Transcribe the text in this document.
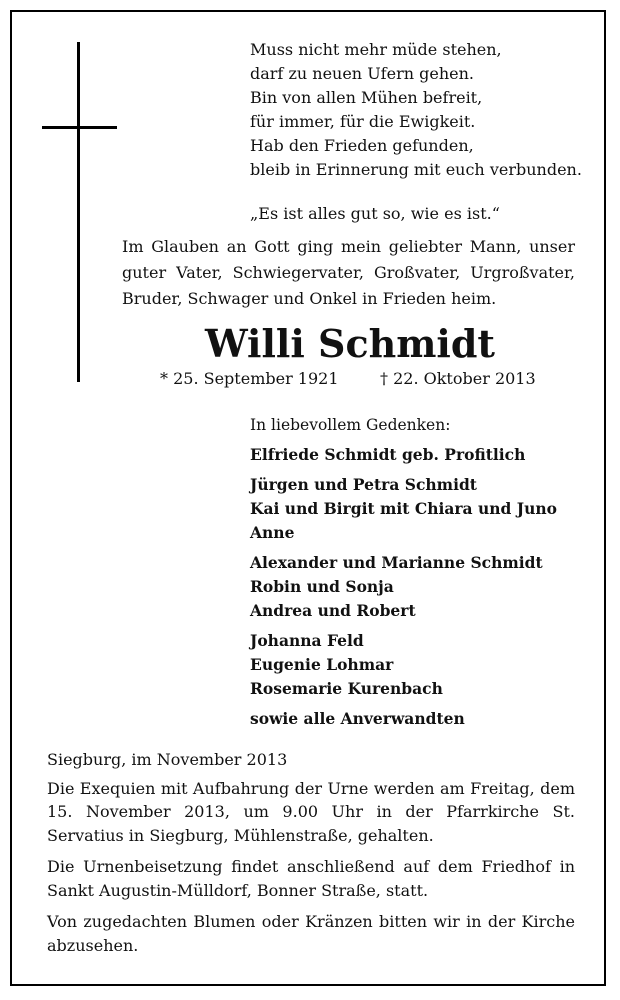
Muss nicht mehr müde stehen,
darf zu neuen Ufern gehen.
Bin von allen Mühen befreit,
für immer, für die Ewigkeit.
Hab den Frieden gefunden,
bleib in Erinnerung mit euch verbunden.
„Es ist alles gut so, wie es ist.“
Im Glauben an Gott ging mein geliebter Mann, unser guter Vater, Schwiegervater, Großvater, Urgroßvater, Bruder, Schwager und Onkel in Frieden heim.
Willi Schmidt
* 25. September 1921	† 22. Oktober 2013
In liebevollem Gedenken:
Elfriede Schmidt geb. Profitlich
Jürgen und Petra Schmidt
Kai und Birgit mit Chiara und Juno
Anne
Alexander und Marianne Schmidt
Robin und Sonja
Andrea und Robert
Johanna Feld
Eugenie Lohmar
Rosemarie Kurenbach
sowie alle Anverwandten

Siegburg, im November 2013

Die Exequien mit Aufbahrung der Urne werden am Freitag, dem 15. November 2013, um 9.00 Uhr in der Pfarrkirche St. Servatius in Siegburg, Mühlenstraße, gehalten.

Die Urnenbeisetzung findet anschließend auf dem Friedhof in Sankt Augustin-Mülldorf, Bonner Straße, statt.

Von zugedachten Blumen oder Kränzen bitten wir in der Kirche abzusehen.
